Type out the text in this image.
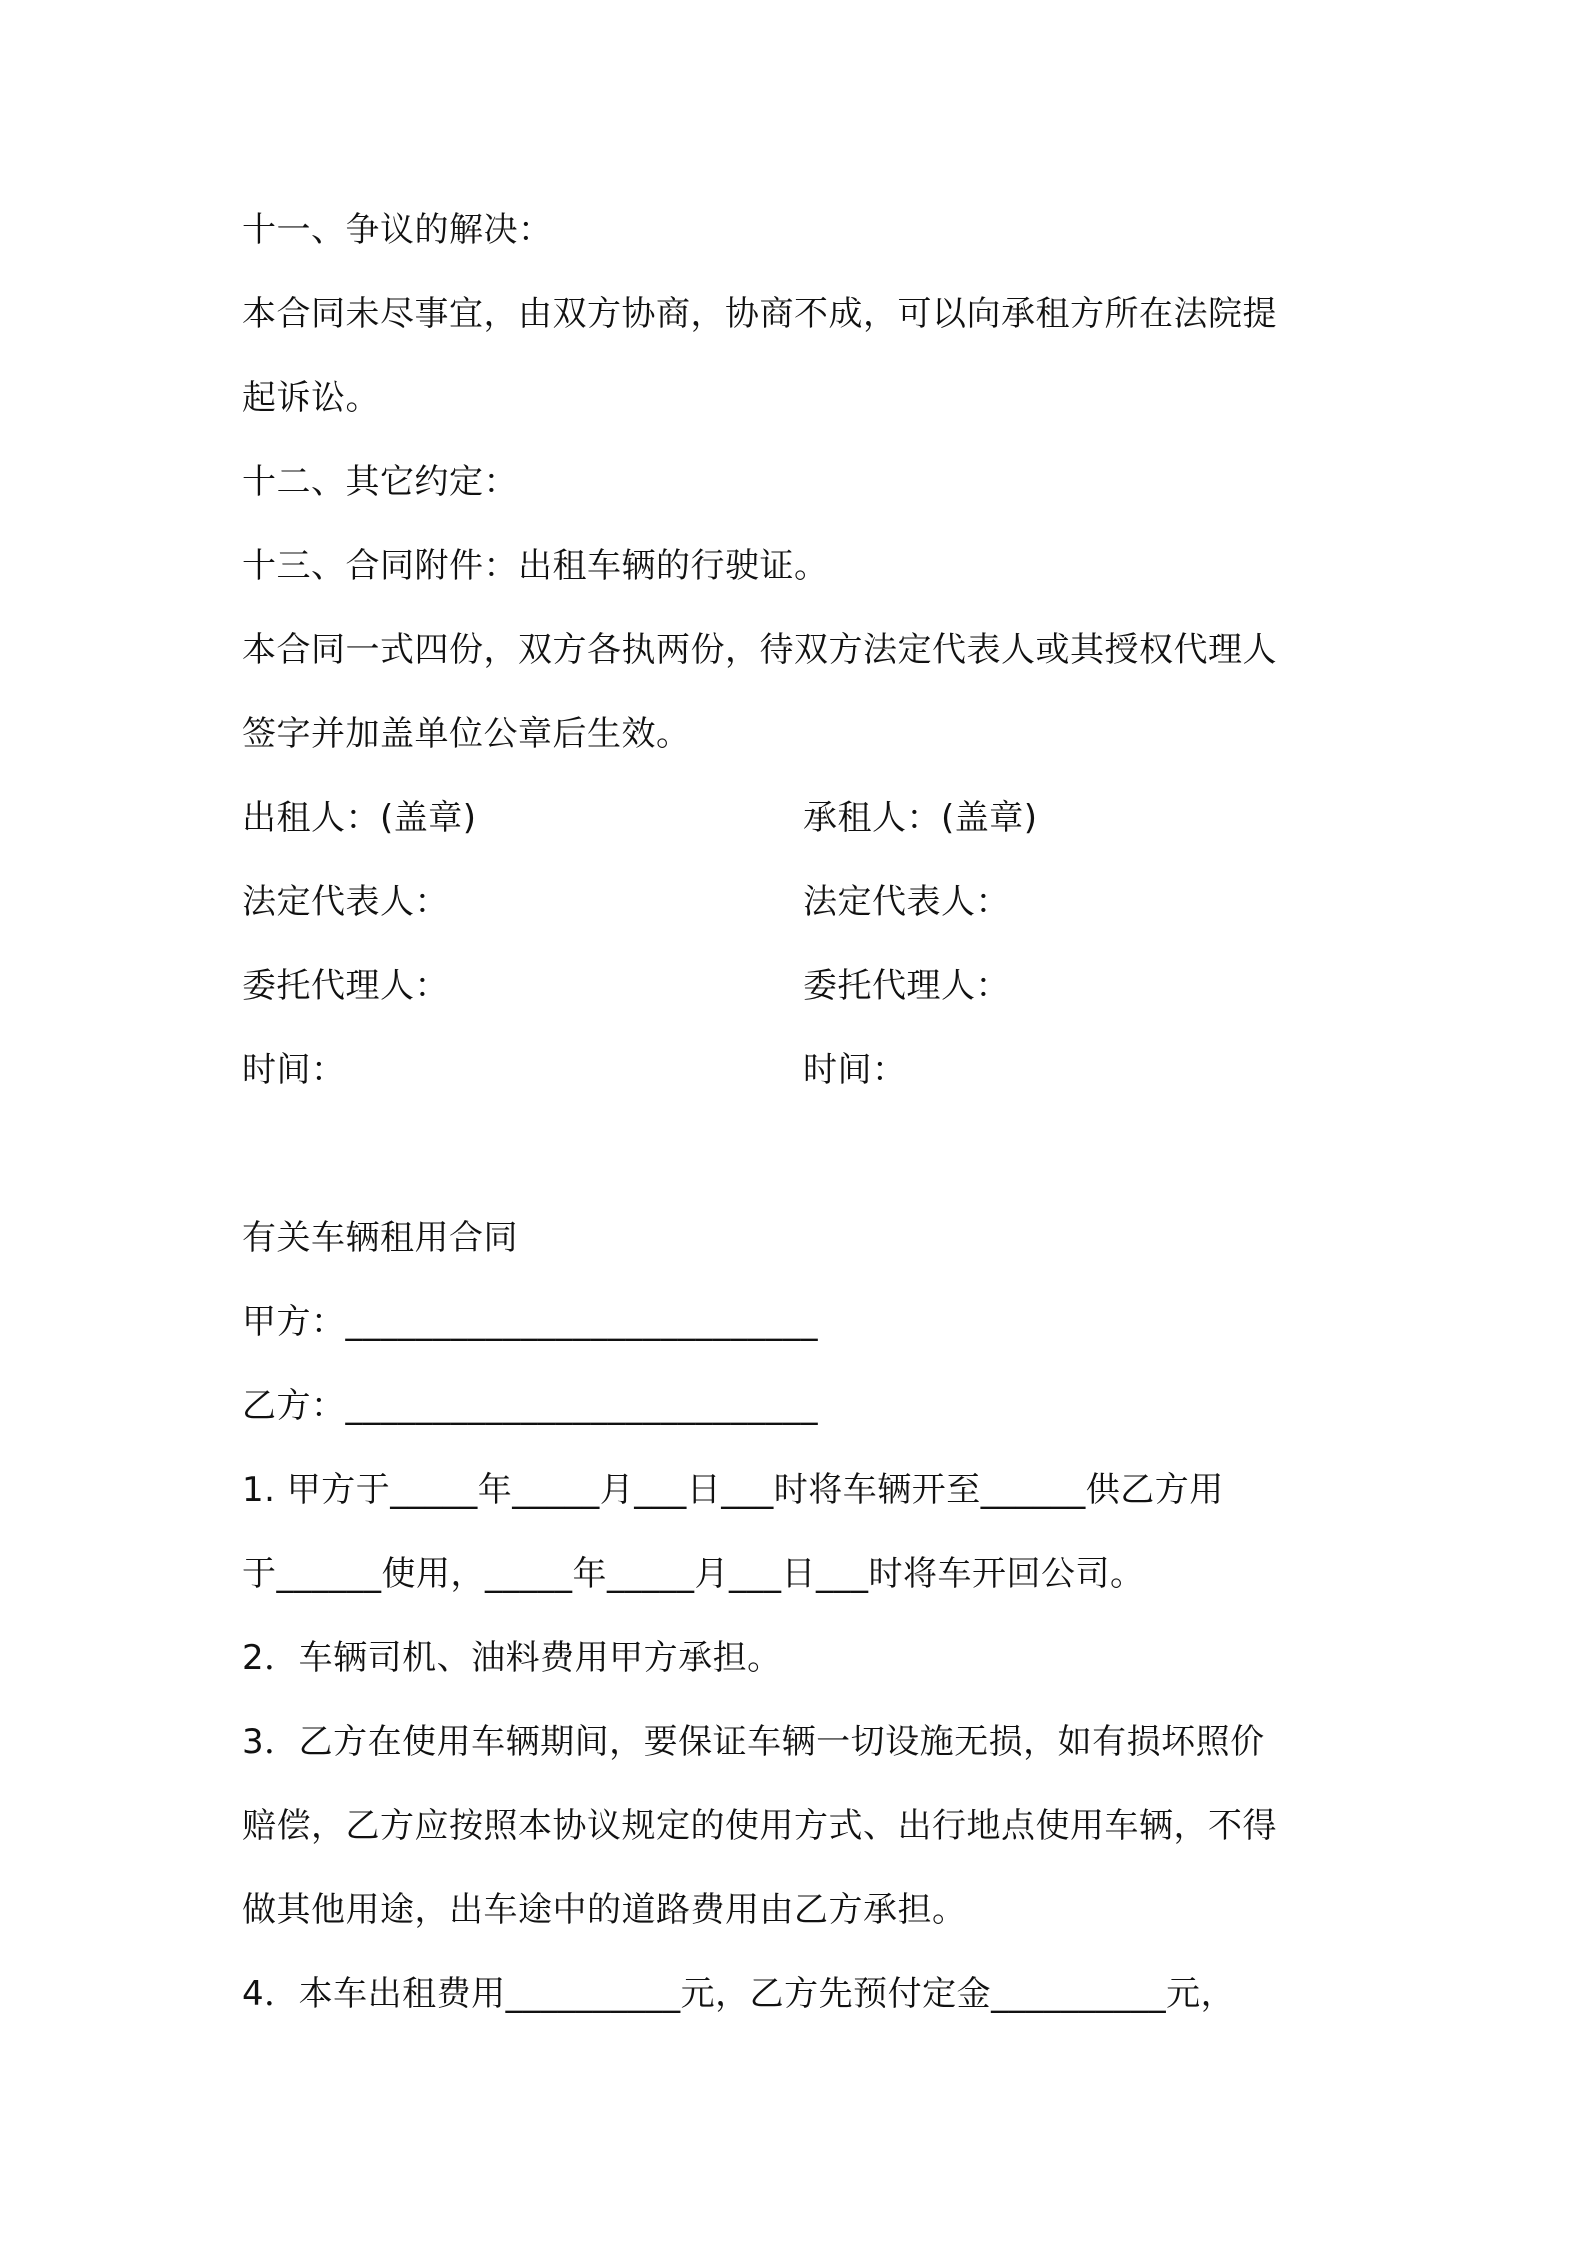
十一、争议的解决：
本合同未尽事宜，由双方协商，协商不成，可以向承租方所在法院提
起诉讼。
十二、其它约定：
十三、合同附件：出租车辆的行驶证。
本合同一式四份，双方各执两份，待双方法定代表人或其授权代理人
签字并加盖单位公章后生效。
出租人：(盖章)	承租人：(盖章)
法定代表人：	法定代表人：
委托代理人：	委托代理人：
时间：	时间：
有关车辆租用合同
甲方：___________________________
乙方：___________________________
1. 甲方于_____年_____月___日___时将车辆开至______供乙方用
于______使用，_____年_____月___日___时将车开回公司。
2．车辆司机、油料费用甲方承担。
3．乙方在使用车辆期间，要保证车辆一切设施无损，如有损坏照价
赔偿，乙方应按照本协议规定的使用方式、出行地点使用车辆，不得
做其他用途，出车途中的道路费用由乙方承担。
4．本车出租费用__________元，乙方先预付定金__________元，
